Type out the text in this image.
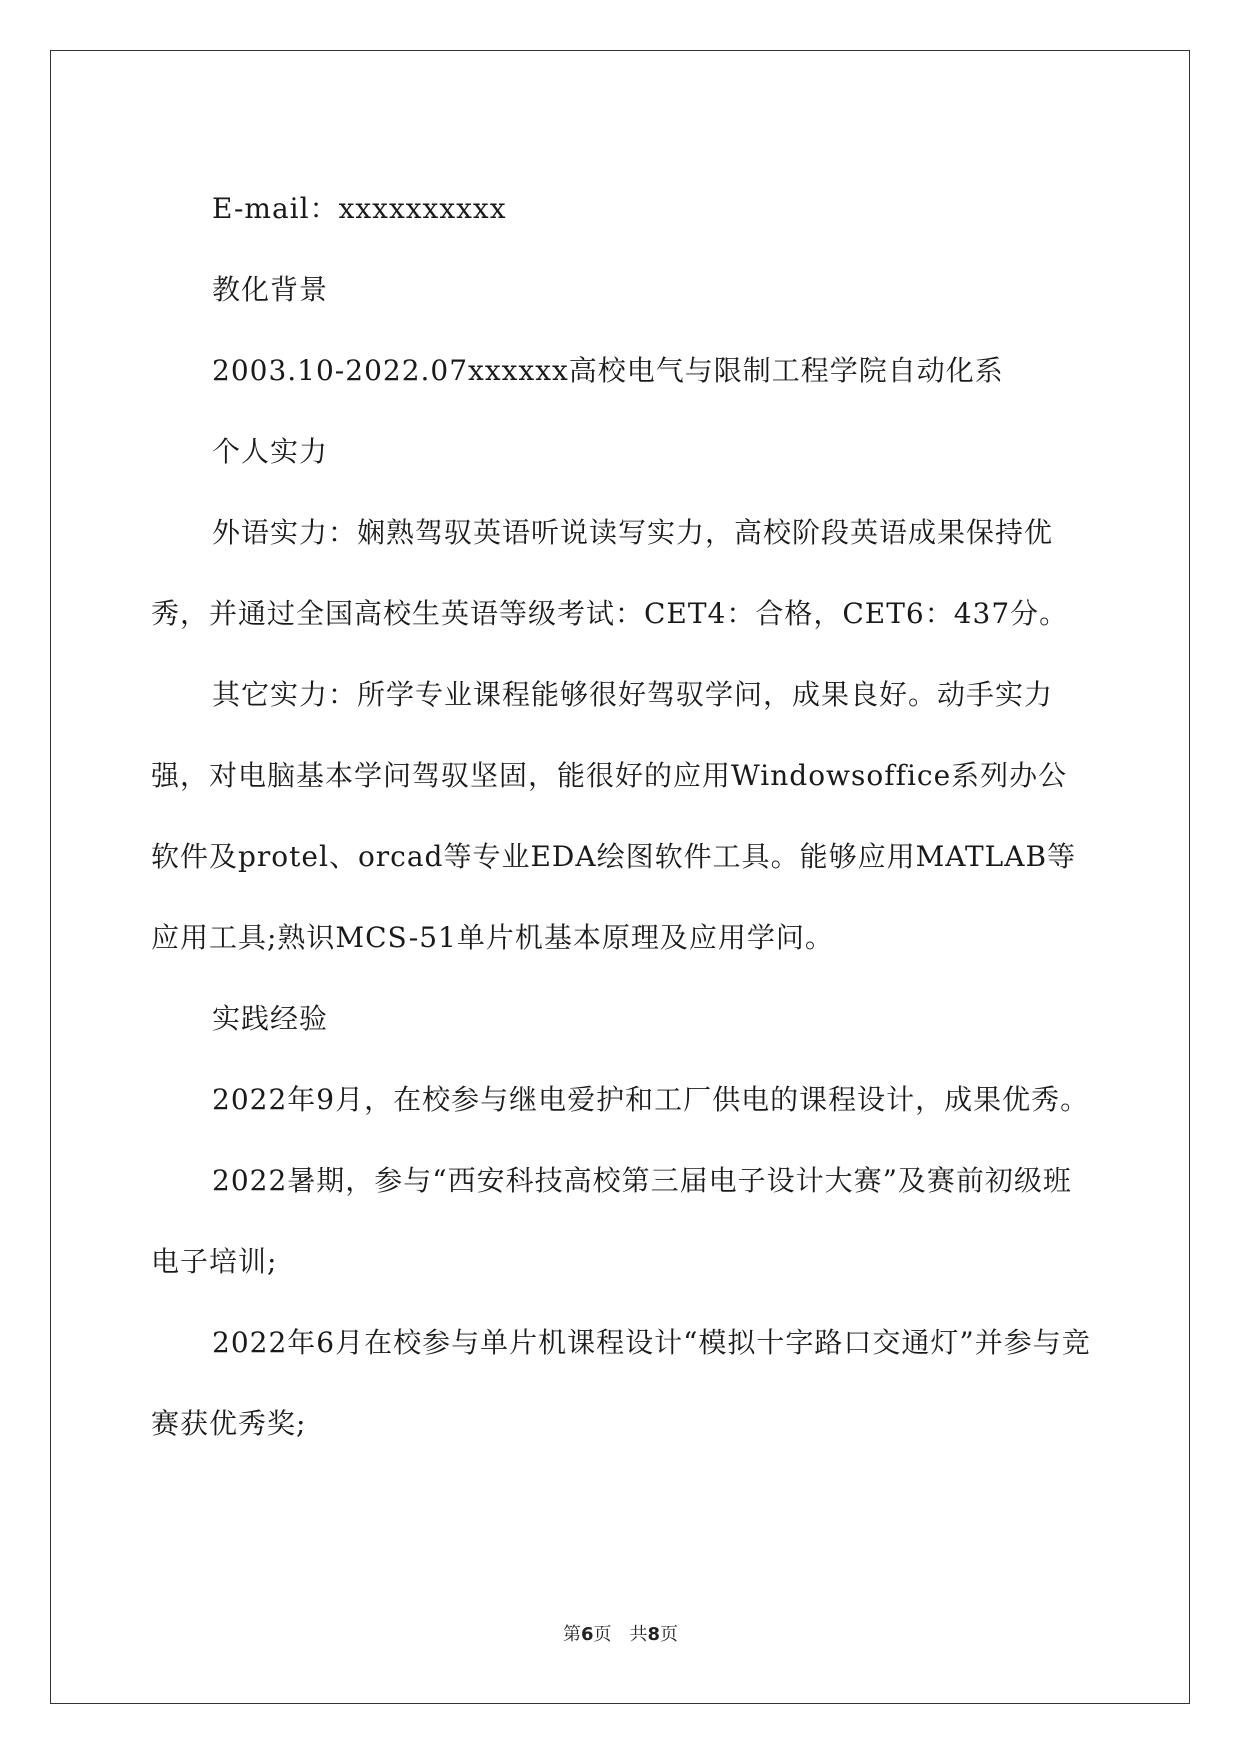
E-mail：xxxxxxxxxx

教化背景

2003.10-2022.07xxxxxx高校电气与限制工程学院自动化系

个人实力

外语实力：娴熟驾驭英语听说读写实力，高校阶段英语成果保持优秀，并通过全国高校生英语等级考试：CET4：合格，CET6：437分。

其它实力：所学专业课程能够很好驾驭学问，成果良好。动手实力强，对电脑基本学问驾驭坚固，能很好的应用Windowsoffice系列办公软件及protel、orcad等专业EDA绘图软件工具。能够应用MATLAB等应用工具;熟识MCS-51单片机基本原理及应用学问。

实践经验

2022年9月，在校参与继电爱护和工厂供电的课程设计，成果优秀。

2022暑期，参与“西安科技高校第三届电子设计大赛”及赛前初级班电子培训;

2022年6月在校参与单片机课程设计“模拟十字路口交通灯”并参与竞赛获优秀奖;

第6页　共8页
